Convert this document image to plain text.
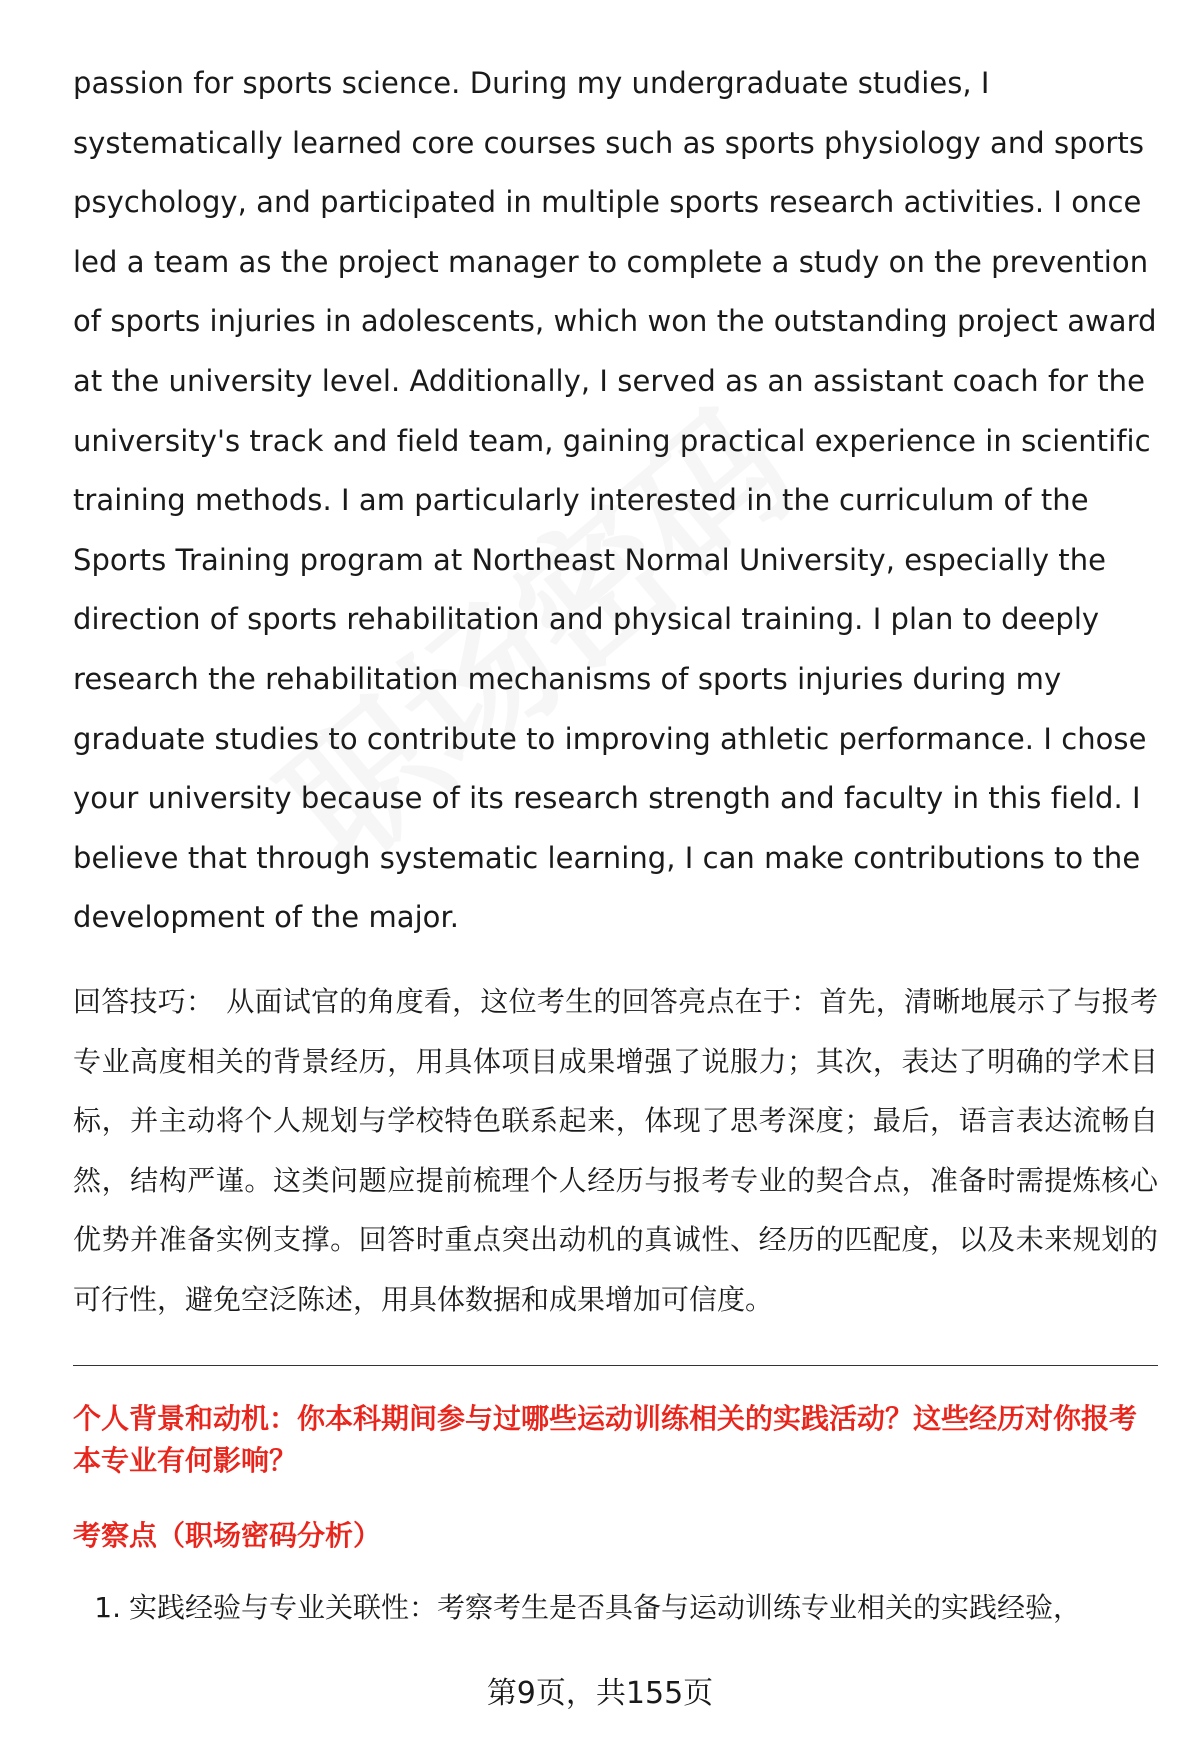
passion for sports science. During my undergraduate studies, I systematically learned core courses such as sports physiology and sports psychology, and participated in multiple sports research activities. I once led a team as the project manager to complete a study on the prevention of sports injuries in adolescents, which won the outstanding project award at the university level. Additionally, I served as an assistant coach for the university's track and field team, gaining practical experience in scientific training methods. I am particularly interested in the curriculum of the Sports Training program at Northeast Normal University, especially the direction of sports rehabilitation and physical training. I plan to deeply research the rehabilitation mechanisms of sports injuries during my graduate studies to contribute to improving athletic performance. I chose your university because of its research strength and faculty in this field. I believe that through systematic learning, I can make contributions to the development of the major.

回答技巧： 从面试官的角度看，这位考生的回答亮点在于：首先，清晰地展示了与报考专业高度相关的背景经历，用具体项目成果增强了说服力；其次，表达了明确的学术目标，并主动将个人规划与学校特色联系起来，体现了思考深度；最后，语言表达流畅自然，结构严谨。这类问题应提前梳理个人经历与报考专业的契合点，准备时需提炼核心优势并准备实例支撑。回答时重点突出动机的真诚性、经历的匹配度，以及未来规划的可行性，避免空泛陈述，用具体数据和成果增加可信度。

个人背景和动机：你本科期间参与过哪些运动训练相关的实践活动？这些经历对你报考本专业有何影响？

考察点（职场密码分析）

1. 实践经验与专业关联性：考察考生是否具备与运动训练专业相关的实践经验，
第9页，共155页
